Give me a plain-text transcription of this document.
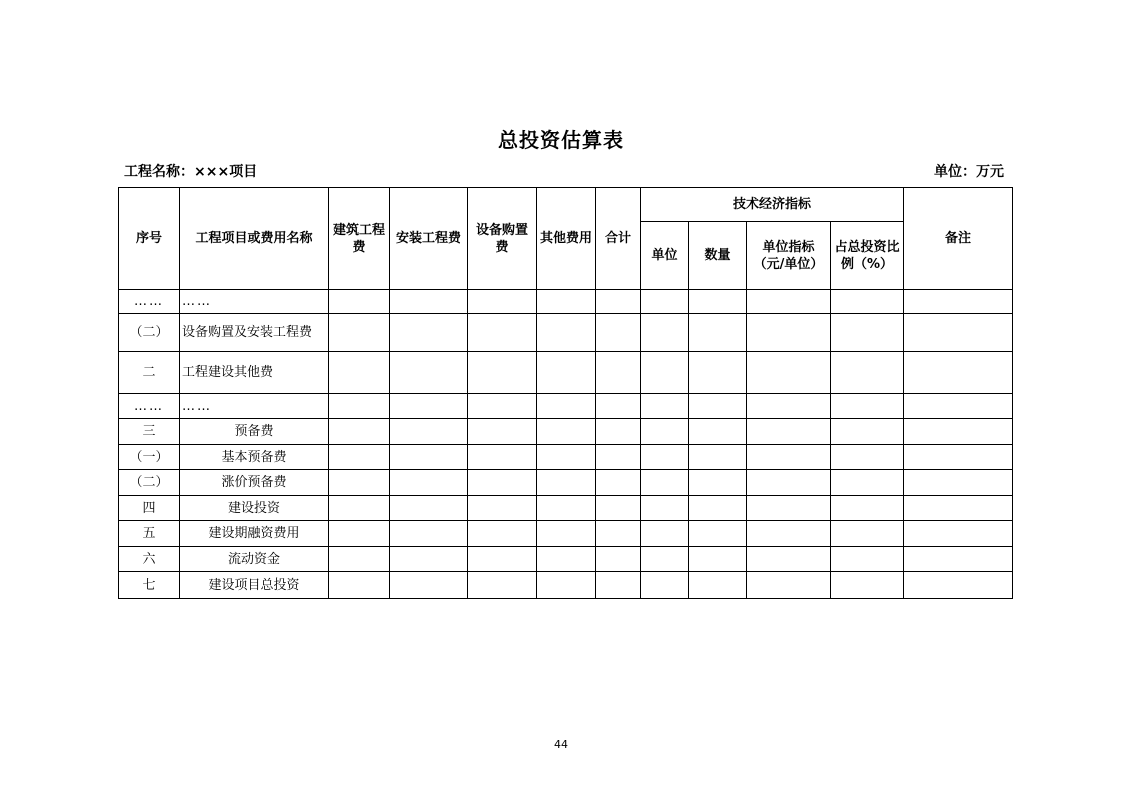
总投资估算表
工程名称：×××项目	单位：万元
序号	工程项目或费用名称	建筑工程费	安装工程费	设备购置费	其他费用	合计	技术经济指标				备注
							单位	数量	单位指标（元/单位）	占总投资比例（%）	
……	……										
（二）	设备购置及安装工程费										
二	工程建设其他费										
……	……										
三	预备费										
（一）	基本预备费										
（二）	涨价预备费										
四	建设投资										
五	建设期融资费用										
六	流动资金										
七	建设项目总投资										
44
